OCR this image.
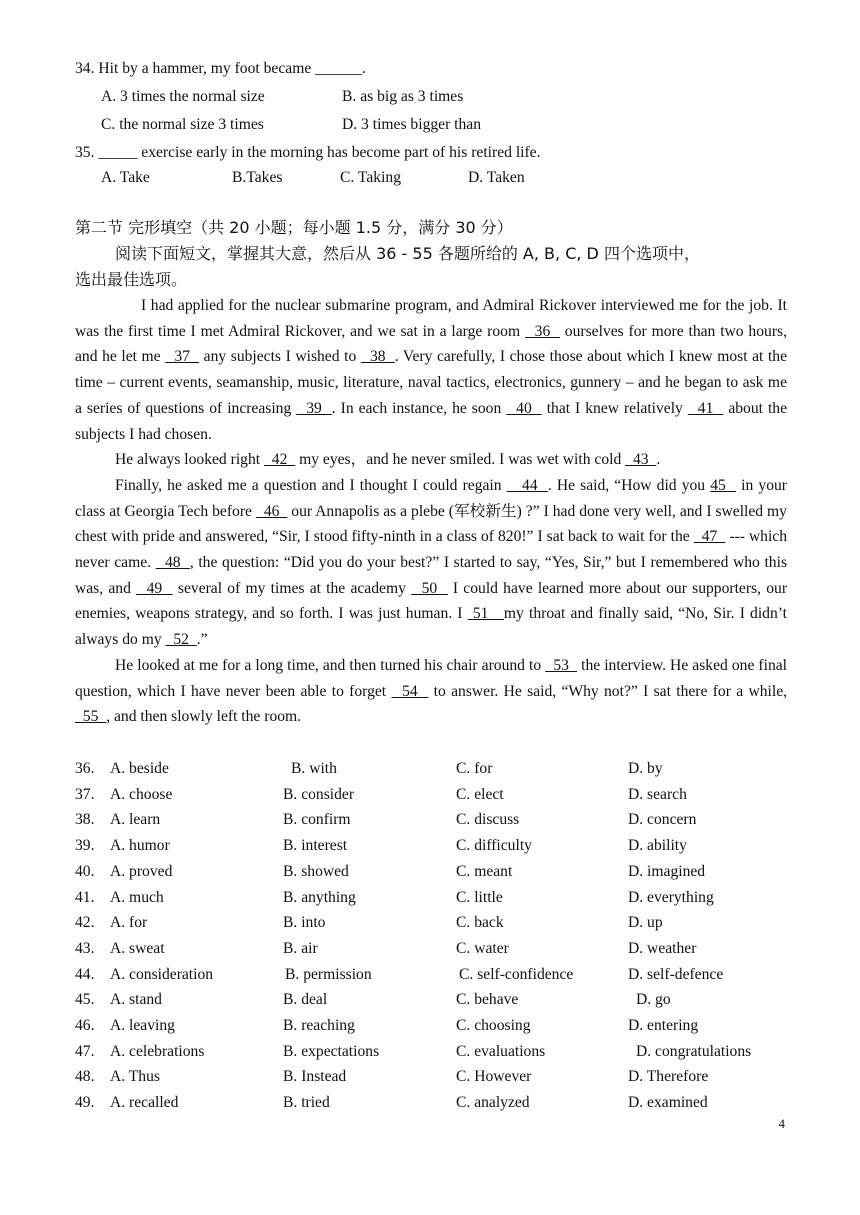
34. Hit by a hammer, my foot became ______.
A. 3 times the normal size	B. as big as 3 times
C. the normal size 3 times	D. 3 times bigger than
35. _____ exercise early in the morning has become part of his retired life.
A. Take	B.Takes	C. Taking	D. Taken
第二节 完形填空（共 20 小题；每小题 1.5 分，满分 30 分）
阅读下面短文，掌握其大意，然后从 36 - 55 各题所给的 A, B, C, D 四个选项中，
选出最佳选项。

I had applied for the nuclear submarine program, and Admiral Rickover interviewed me for the job. It was the first time I met Admiral Rickover, and we sat in a large room   36   ourselves for more than two hours, and he let me   37   any subjects I wished to   38  . Very carefully, I chose those about which I knew most at the time – current events, seamanship, music, literature, naval tactics, electronics, gunnery – and he began to ask me a series of questions of increasing   39  . In each instance, he soon   40   that I knew relatively   41   about the subjects I had chosen.

He always looked right   42   my eyes，and he never smiled. I was wet with cold   43  .

Finally, he asked me a question and I thought I could regain    44  . He said, “How did you 45   in your class at Georgia Tech before   46   our Annapolis as a plebe (军校新生) ?” I had done very well, and I swelled my chest with pride and answered, “Sir, I stood fifty-ninth in a class of 820!” I sat back to wait for the   47   --- which never came.   48  , the question: “Did you do your best?” I started to say, “Yes, Sir,” but I remembered who this was, and   49   several of my times at the academy   50   I could have learned more about our supporters, our enemies, weapons strategy, and so forth. I was just human. I  51   my throat and finally said, “No, Sir. I didn’t always do my   52  .”

He looked at me for a long time, and then turned his chair around to   53   the interview. He asked one final question, which I have never been able to forget   54   to answer. He said, “Why not?” I sat there for a while,   55  , and then slowly left the room.

36. A. beside	B. with	C. for	D. by
37. A. choose	B. consider	C. elect	D. search
38. A. learn	B. confirm	C. discuss	D. concern
39. A. humor	B. interest	C. difficulty	D. ability
40. A. proved	B. showed	C. meant	D. imagined
41. A. much	B. anything	C. little	D. everything
42. A. for	B. into	C. back	D. up
43. A. sweat	B. air	C. water	D. weather
44. A. consideration	B. permission	C. self-confidence	D. self-defence
45. A. stand	B. deal	C. behave	D. go
46. A. leaving	B. reaching	C. choosing	D. entering
47. A. celebrations	B. expectations	C. evaluations	D. congratulations
48. A. Thus	B. Instead	C. However	D. Therefore
49. A. recalled	B. tried	C. analyzed	D. examined
4
